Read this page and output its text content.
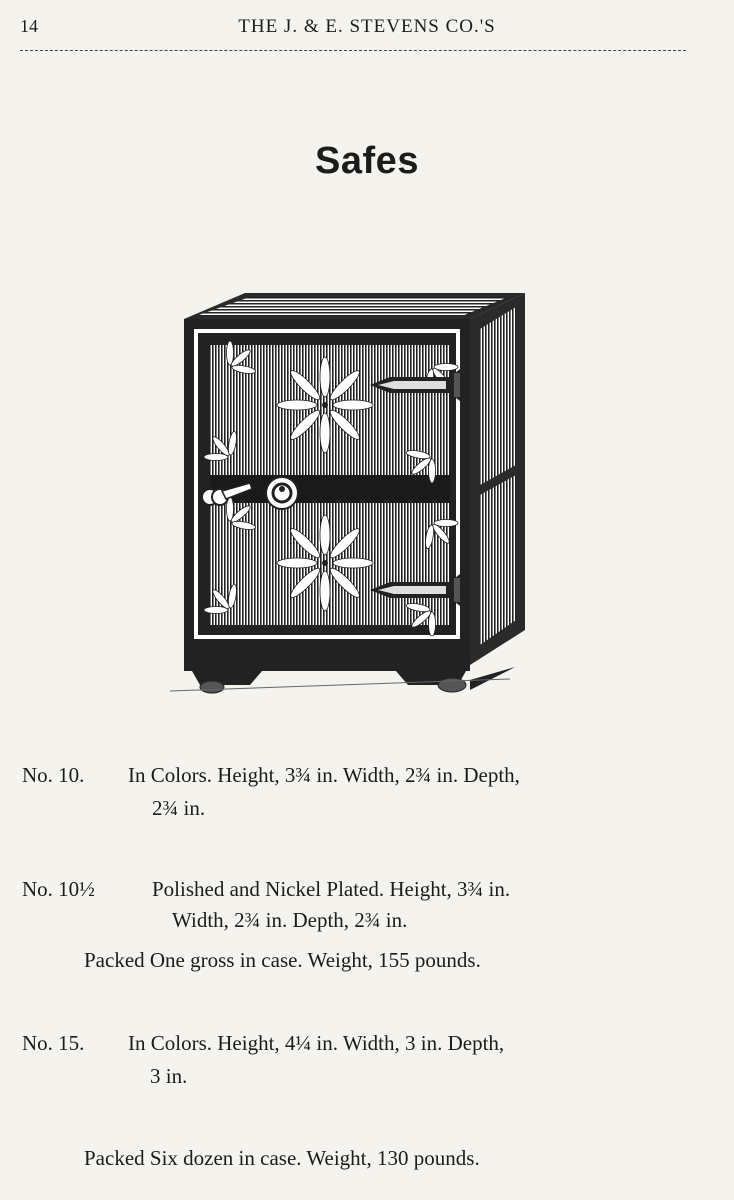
14	THE J. & E. STEVENS CO.'S
Safes
No. 10. In Colors. Height, 3¾ in. Width, 2¾ in. Depth,
2¾ in.
No. 10½	Polished and Nickel Plated. Height, 3¾ in.
Width, 2¾ in. Depth, 2¾ in.
Packed One gross in case. Weight, 155 pounds.
No. 15. In Colors. Height, 4¼ in. Width, 3 in. Depth,
3 in.
Packed Six dozen in case. Weight, 130 pounds.
